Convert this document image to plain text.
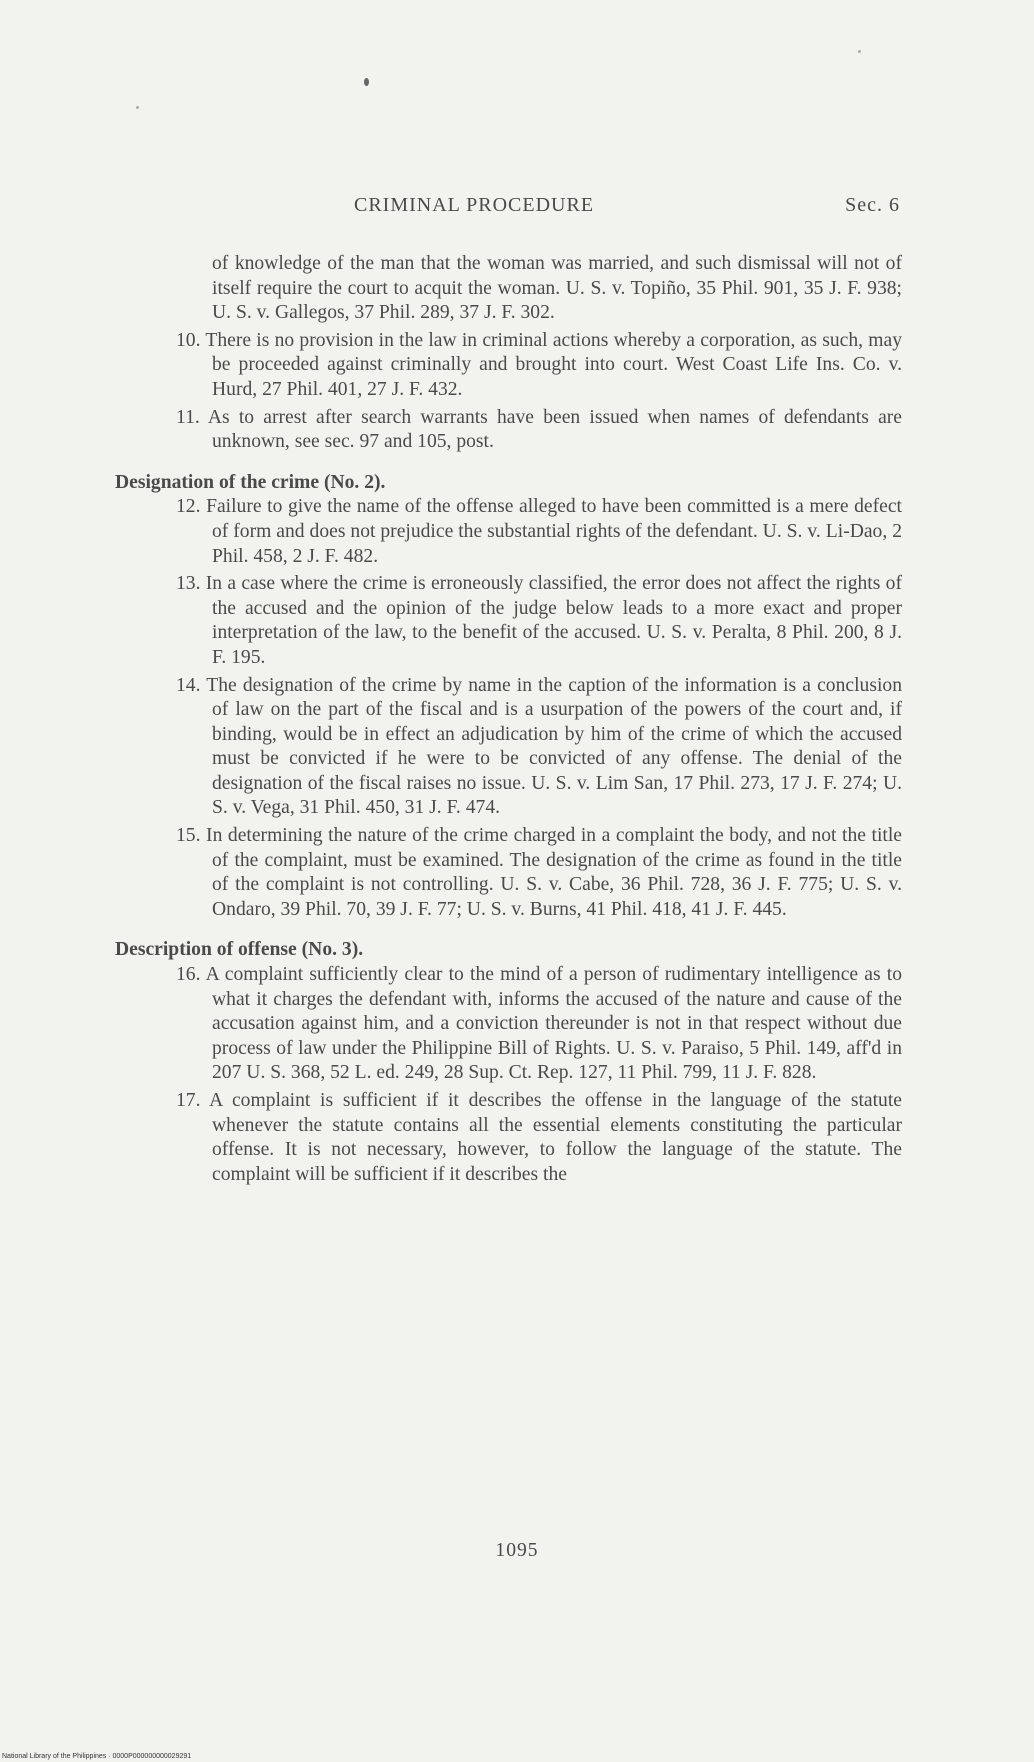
CRIMINAL PROCEDURE	Sec. 6
of knowledge of the man that the woman was married, and such dismissal will not of itself require the court to acquit the woman. U. S. v. Topiño, 35 Phil. 901, 35 J. F. 938; U. S. v. Gallegos, 37 Phil. 289, 37 J. F. 302.
10. There is no provision in the law in criminal actions whereby a corporation, as such, may be proceeded against criminally and brought into court. West Coast Life Ins. Co. v. Hurd, 27 Phil. 401, 27 J. F. 432.
11. As to arrest after search warrants have been issued when names of defendants are unknown, see sec. 97 and 105, post.
Designation of the crime (No. 2).
12. Failure to give the name of the offense alleged to have been committed is a mere defect of form and does not prejudice the substantial rights of the defendant. U. S. v. Li-Dao, 2 Phil. 458, 2 J. F. 482.
13. In a case where the crime is erroneously classified, the error does not affect the rights of the accused and the opinion of the judge below leads to a more exact and proper interpretation of the law, to the benefit of the accused. U. S. v. Peralta, 8 Phil. 200, 8 J. F. 195.
14. The designation of the crime by name in the caption of the information is a conclusion of law on the part of the fiscal and is a usurpation of the powers of the court and, if binding, would be in effect an adjudication by him of the crime of which the accused must be convicted if he were to be convicted of any offense. The denial of the designation of the fiscal raises no issue. U. S. v. Lim San, 17 Phil. 273, 17 J. F. 274; U. S. v. Vega, 31 Phil. 450, 31 J. F. 474.
15. In determining the nature of the crime charged in a complaint the body, and not the title of the complaint, must be examined. The designation of the crime as found in the title of the complaint is not controlling. U. S. v. Cabe, 36 Phil. 728, 36 J. F. 775; U. S. v. Ondaro, 39 Phil. 70, 39 J. F. 77; U. S. v. Burns, 41 Phil. 418, 41 J. F. 445.
Description of offense (No. 3).
16. A complaint sufficiently clear to the mind of a person of rudimentary intelligence as to what it charges the defendant with, informs the accused of the nature and cause of the accusation against him, and a conviction thereunder is not in that respect without due process of law under the Philippine Bill of Rights. U. S. v. Paraiso, 5 Phil. 149, aff'd in 207 U. S. 368, 52 L. ed. 249, 28 Sup. Ct. Rep. 127, 11 Phil. 799, 11 J. F. 828.
17. A complaint is sufficient if it describes the offense in the language of the statute whenever the statute contains all the essential elements constituting the particular offense. It is not necessary, however, to follow the language of the statute. The complaint will be sufficient if it describes the
1095
National Library of the Philippines · 0000P000000000029291
